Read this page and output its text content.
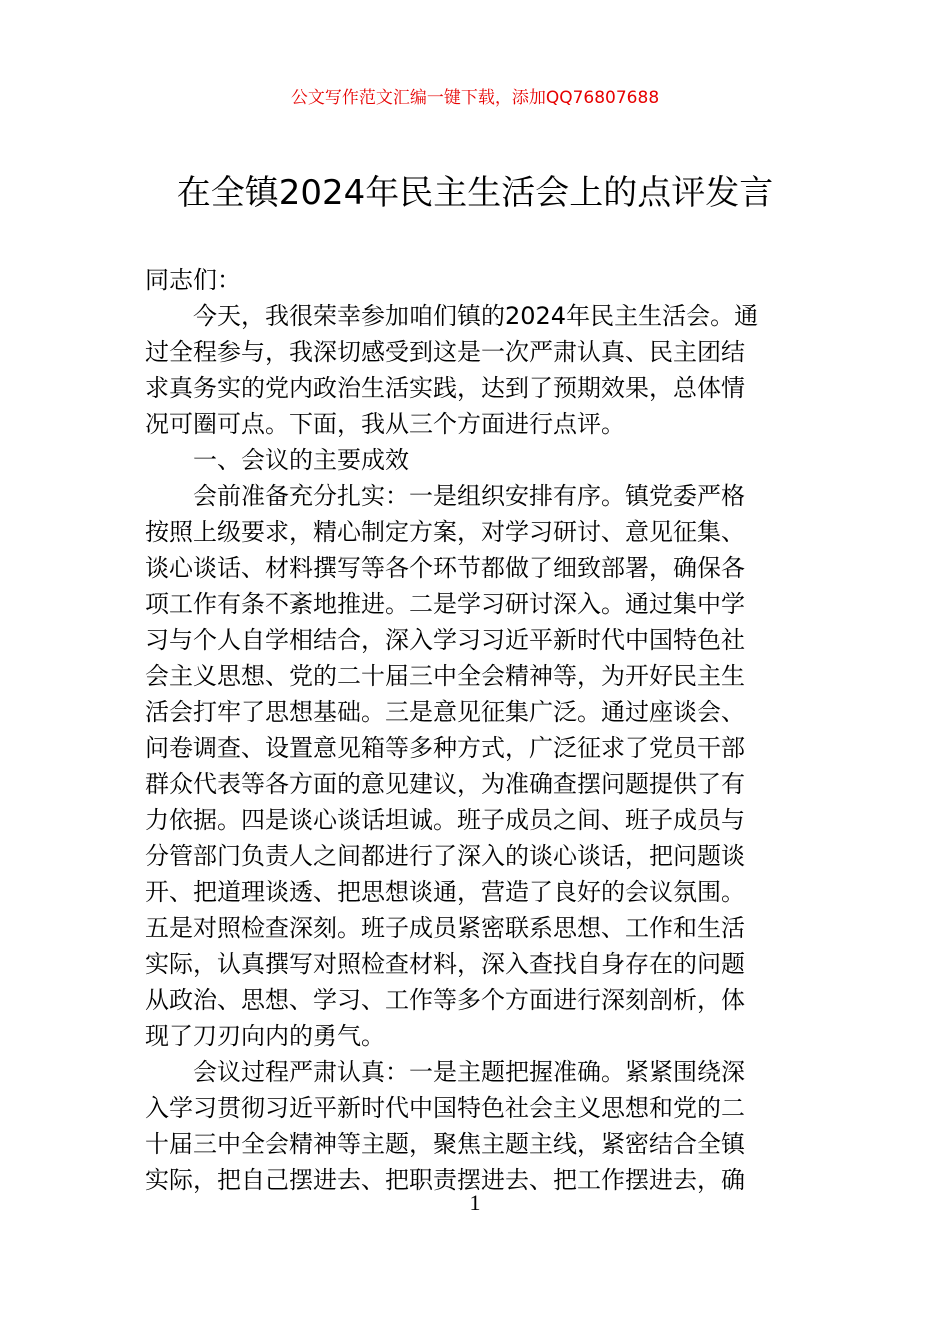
公文写作范文汇编一键下载，添加QQ76807688
在全镇2024年民主生活会上的点评发言
同志们：
今天，我很荣幸参加咱们镇的2024年民主生活会。通
过全程参与，我深切感受到这是一次严肃认真、民主团结
求真务实的党内政治生活实践，达到了预期效果，总体情
况可圈可点。下面，我从三个方面进行点评。
一、会议的主要成效
会前准备充分扎实：一是组织安排有序。镇党委严格
按照上级要求，精心制定方案，对学习研讨、意见征集、
谈心谈话、材料撰写等各个环节都做了细致部署，确保各
项工作有条不紊地推进。二是学习研讨深入。通过集中学
习与个人自学相结合，深入学习习近平新时代中国特色社
会主义思想、党的二十届三中全会精神等，为开好民主生
活会打牢了思想基础。三是意见征集广泛。通过座谈会、
问卷调查、设置意见箱等多种方式，广泛征求了党员干部
群众代表等各方面的意见建议，为准确查摆问题提供了有
力依据。四是谈心谈话坦诚。班子成员之间、班子成员与
分管部门负责人之间都进行了深入的谈心谈话，把问题谈
开、把道理谈透、把思想谈通，营造了良好的会议氛围。
五是对照检查深刻。班子成员紧密联系思想、工作和生活
实际，认真撰写对照检查材料，深入查找自身存在的问题
从政治、思想、学习、工作等多个方面进行深刻剖析，体
现了刀刃向内的勇气。
会议过程严肃认真：一是主题把握准确。紧紧围绕深
入学习贯彻习近平新时代中国特色社会主义思想和党的二
十届三中全会精神等主题，聚焦主题主线，紧密结合全镇
实际，把自己摆进去、把职责摆进去、把工作摆进去，确
1
